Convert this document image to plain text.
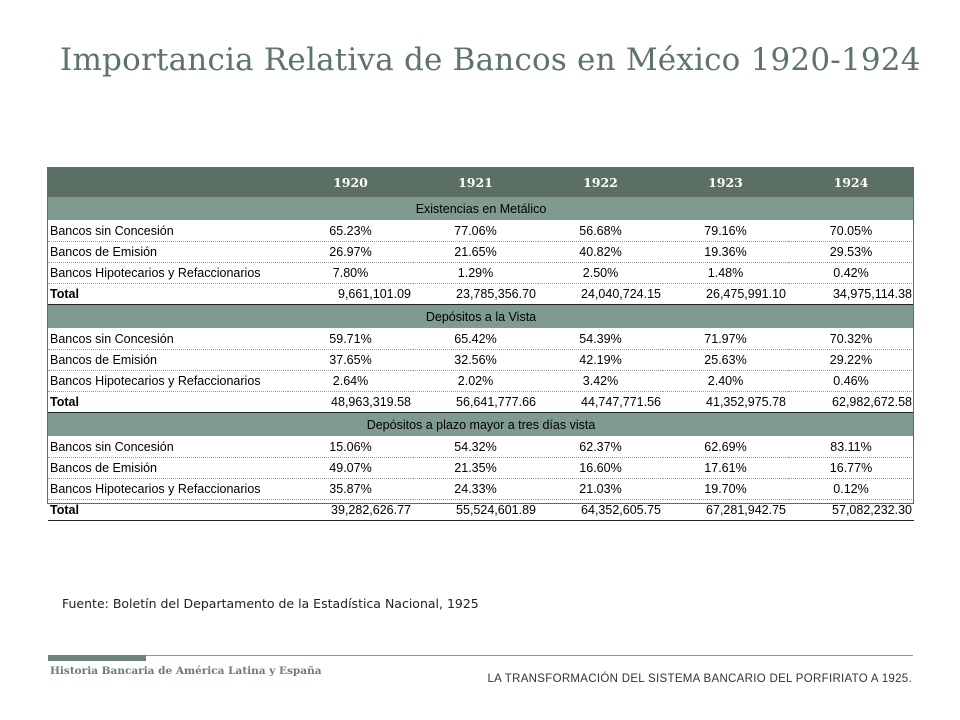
Importancia Relativa de Bancos en México 1920-1924
	1920	1921	1922	1923	1924
Existencias en Metálico					
Bancos sin Concesión	65.23%	77.06%	56.68%	79.16%	70.05%
Bancos de Emisión	26.97%	21.65%	40.82%	19.36%	29.53%
Bancos Hipotecarios y Refaccionarios	7.80%	1.29%	2.50%	1.48%	0.42%
Total	9,661,101.09	23,785,356.70	24,040,724.15	26,475,991.10	34,975,114.38
Depósitos a la Vista					
Bancos sin Concesión	59.71%	65.42%	54.39%	71.97%	70.32%
Bancos de Emisión	37.65%	32.56%	42.19%	25.63%	29.22%
Bancos Hipotecarios y Refaccionarios	2.64%	2.02%	3.42%	2.40%	0.46%
Total	48,963,319.58	56,641,777.66	44,747,771.56	41,352,975.78	62,982,672.58
Depósitos a plazo mayor a tres días vista					
Bancos sin Concesión	15.06%	54.32%	62.37%	62.69%	83.11%
Bancos de Emisión	49.07%	21.35%	16.60%	17.61%	16.77%
Bancos Hipotecarios y Refaccionarios	35.87%	24.33%	21.03%	19.70%	0.12%
Total	39,282,626.77	55,524,601.89	64,352,605.75	67,281,942.75	57,082,232.30
Fuente: Boletín del Departamento de la Estadística Nacional, 1925
Historia Bancaria de América Latina y España
LA TRANSFORMACIÓN DEL SISTEMA BANCARIO DEL PORFIRIATO A 1925.
